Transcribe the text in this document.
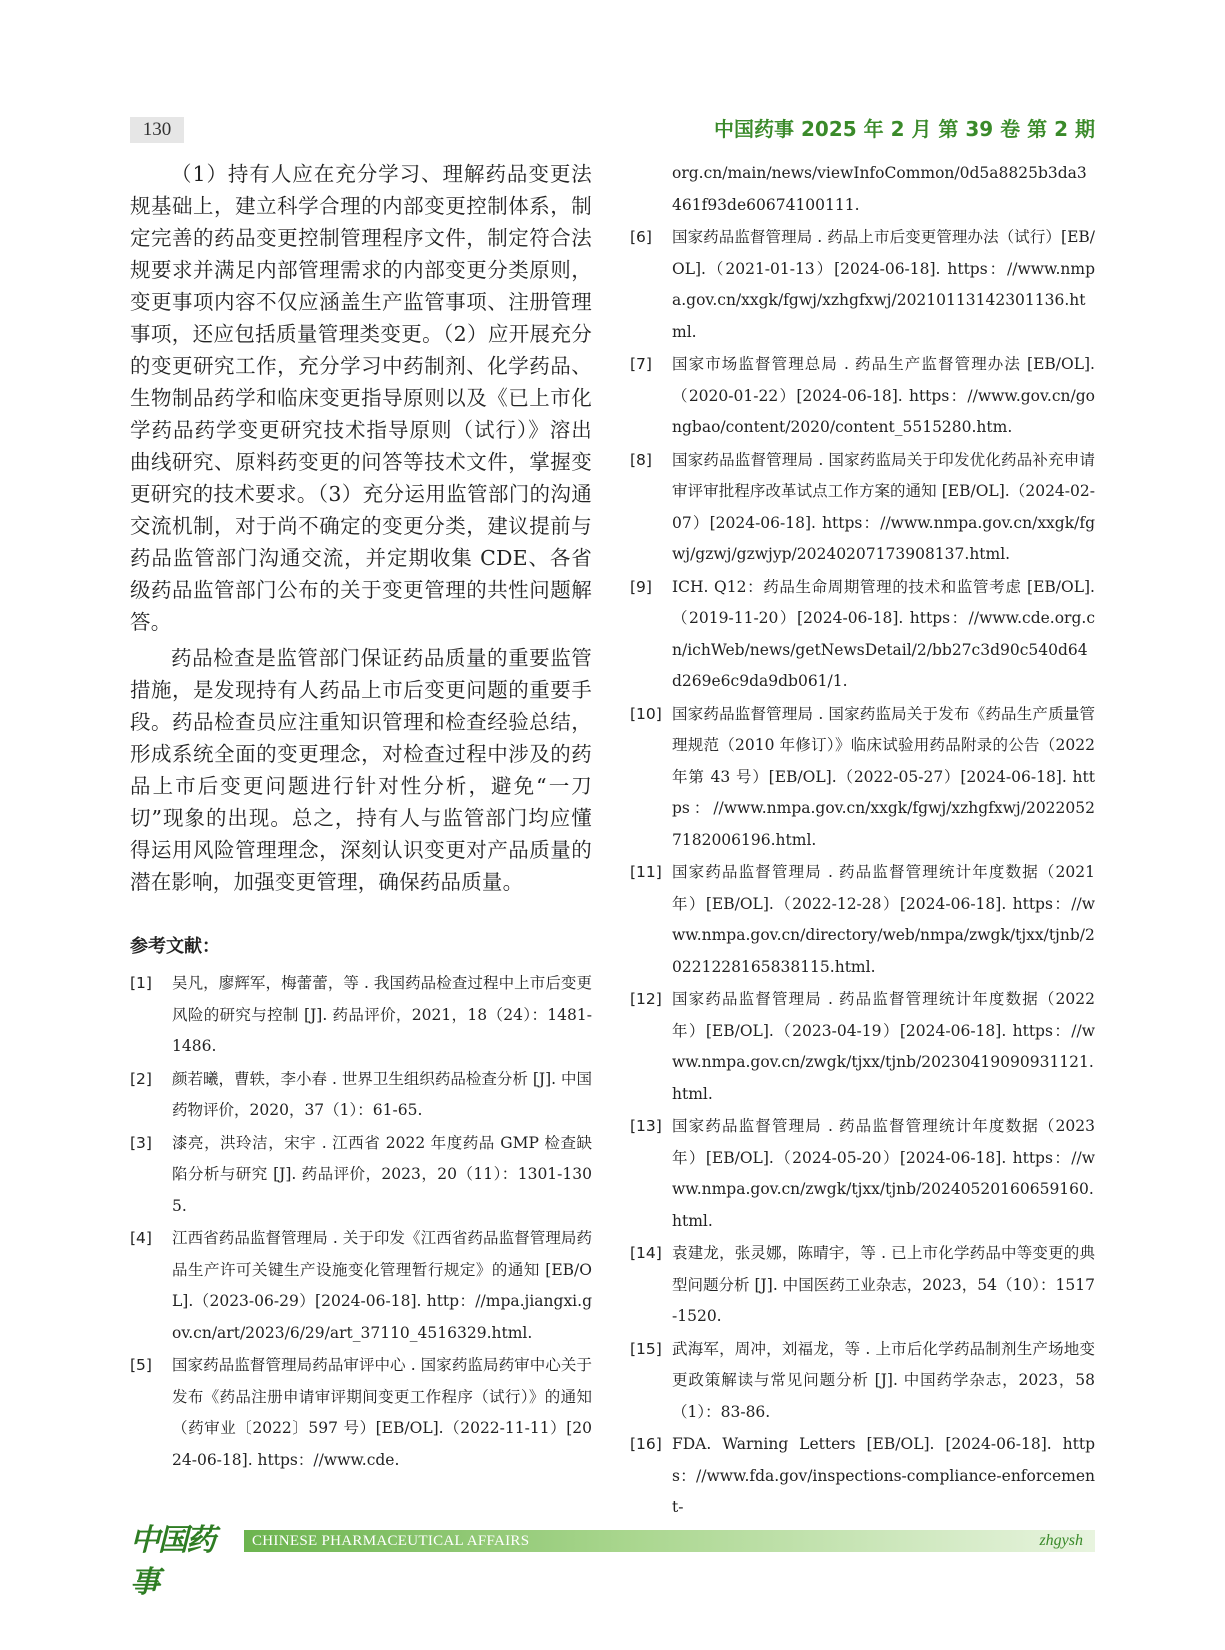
130	中国药事 2025 年 2 月 第 39 卷 第 2 期

（1）持有人应在充分学习、理解药品变更法规基础上，建立科学合理的内部变更控制体系，制定完善的药品变更控制管理程序文件，制定符合法规要求并满足内部管理需求的内部变更分类原则，变更事项内容不仅应涵盖生产监管事项、注册管理事项，还应包括质量管理类变更。（2）应开展充分的变更研究工作，充分学习中药制剂、化学药品、生物制品药学和临床变更指导原则以及《已上市化学药品药学变更研究技术指导原则（试行）》溶出曲线研究、原料药变更的问答等技术文件，掌握变更研究的技术要求。（3）充分运用监管部门的沟通交流机制，对于尚不确定的变更分类，建议提前与药品监管部门沟通交流，并定期收集 CDE、各省级药品监管部门公布的关于变更管理的共性问题解答。

药品检查是监管部门保证药品质量的重要监管措施，是发现持有人药品上市后变更问题的重要手段。药品检查员应注重知识管理和检查经验总结，形成系统全面的变更理念，对检查过程中涉及的药品上市后变更问题进行针对性分析，避免“一刀切”现象的出现。总之，持有人与监管部门均应懂得运用风险管理理念，深刻认识变更对产品质量的潜在影响，加强变更管理，确保药品质量。

参考文献：
[1] 吴凡，廖辉军，梅蕾蕾，等 . 我国药品检查过程中上市后变更风险的研究与控制 [J]. 药品评价，2021，18（24）：1481-1486.
[2] 颜若曦，曹轶，李小春 . 世界卫生组织药品检查分析 [J]. 中国药物评价，2020，37（1）：61-65.
[3] 漆亮，洪玲洁，宋宇 . 江西省 2022 年度药品 GMP 检查缺陷分析与研究 [J]. 药品评价，2023，20（11）：1301-1305.
[4] 江西省药品监督管理局 . 关于印发《江西省药品监督管理局药品生产许可关键生产设施变化管理暂行规定》的通知 [EB/OL].（2023-06-29）[2024-06-18]. http：//mpa.jiangxi.gov.cn/art/2023/6/29/art_37110_4516329.html.
[5] 国家药品监督管理局药品审评中心 . 国家药监局药审中心关于发布《药品注册申请审评期间变更工作程序（试行）》的通知（药审业〔2022〕597 号）[EB/OL].（2022-11-11）[2024-06-18]. https：//www.cde.
org.cn/main/news/viewInfoCommon/0d5a8825b3da3461f93de60674100111.
[6] 国家药品监督管理局 . 药品上市后变更管理办法（试行）[EB/OL].（2021-01-13）[2024-06-18]. https：//www.nmpa.gov.cn/xxgk/fgwj/xzhgfxwj/20210113142301136.html.
[7] 国家市场监督管理总局 . 药品生产监督管理办法 [EB/OL].（2020-01-22）[2024-06-18]. https：//www.gov.cn/gongbao/content/2020/content_5515280.htm.
[8] 国家药品监督管理局 . 国家药监局关于印发优化药品补充申请审评审批程序改革试点工作方案的通知 [EB/OL].（2024-02-07）[2024-06-18]. https：//www.nmpa.gov.cn/xxgk/fgwj/gzwj/gzwjyp/20240207173908137.html.
[9] ICH. Q12：药品生命周期管理的技术和监管考虑 [EB/OL].（2019-11-20）[2024-06-18]. https：//www.cde.org.cn/ichWeb/news/getNewsDetail/2/bb27c3d90c540d64d269e6c9da9db061/1.
[10] 国家药品监督管理局 . 国家药监局关于发布《药品生产质量管理规范（2010 年修订）》临床试验用药品附录的公告（2022 年第 43 号）[EB/OL].（2022-05-27）[2024-06-18]. https：//www.nmpa.gov.cn/xxgk/fgwj/xzhgfxwj/20220527182006196.html.
[11] 国家药品监督管理局 . 药品监督管理统计年度数据（2021 年）[EB/OL].（2022-12-28）[2024-06-18]. https：//www.nmpa.gov.cn/directory/web/nmpa/zwgk/tjxx/tjnb/20221228165838115.html.
[12] 国家药品监督管理局 . 药品监督管理统计年度数据（2022 年）[EB/OL].（2023-04-19）[2024-06-18]. https：//www.nmpa.gov.cn/zwgk/tjxx/tjnb/20230419090931121.html.
[13] 国家药品监督管理局 . 药品监督管理统计年度数据（2023 年）[EB/OL].（2024-05-20）[2024-06-18]. https：//www.nmpa.gov.cn/zwgk/tjxx/tjnb/20240520160659160.html.
[14] 袁建龙，张灵娜，陈晴宇，等 . 已上市化学药品中等变更的典型问题分析 [J]. 中国医药工业杂志，2023，54（10）：1517-1520.
[15] 武海军，周冲，刘福龙，等 . 上市后化学药品制剂生产场地变更政策解读与常见问题分析 [J]. 中国药学杂志，2023，58（1）：83-86.
[16] FDA. Warning Letters [EB/OL]. [2024-06-18]. https：//www.fda.gov/inspections-compliance-enforcement-
中国药事
CHINESE PHARMACEUTICAL AFFAIRS	zhgysh
